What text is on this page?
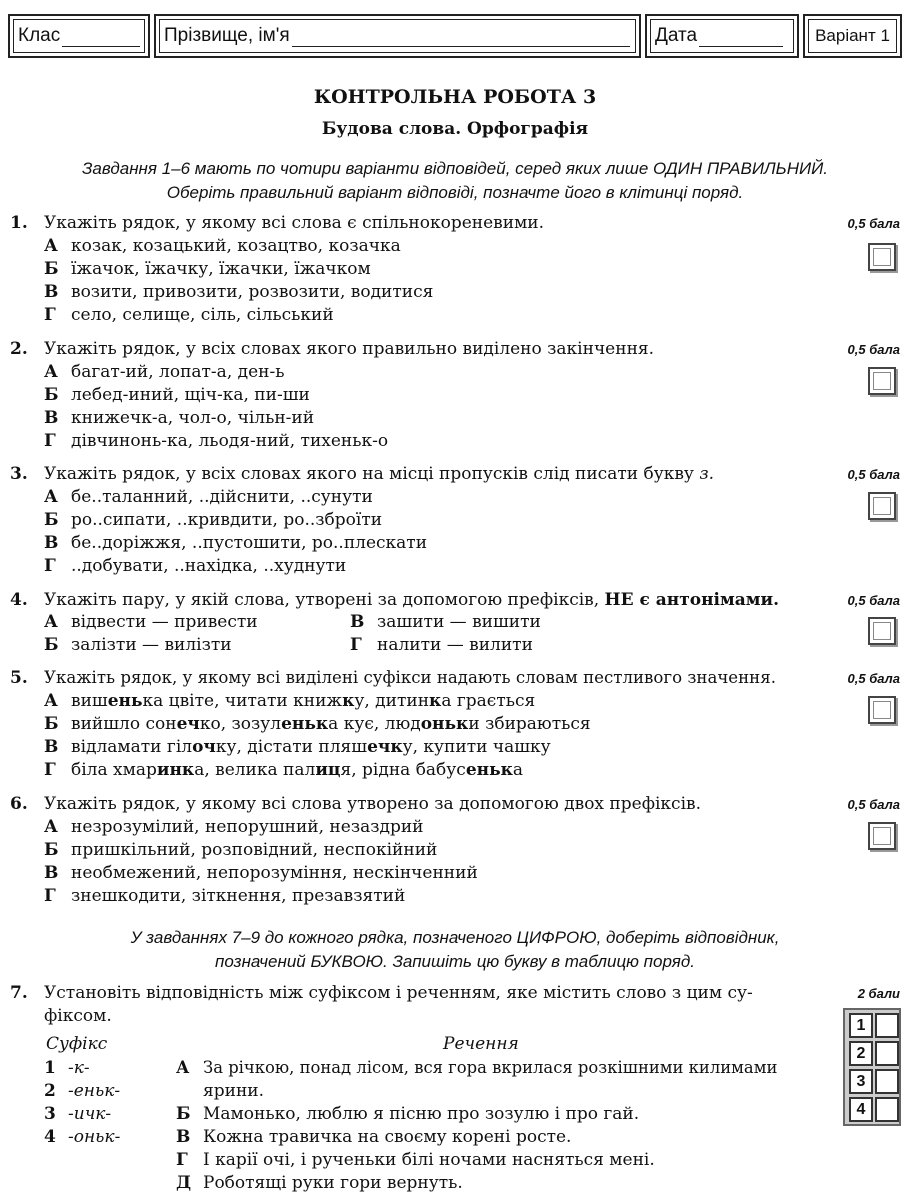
Клас	Прізвище, ім'я	Дата	Варіант 1
КОНТРОЛЬНА РОБОТА 3
Будова слова. Орфографія
Завдання 1–6 мають по чотири варіанти відповідей, серед яких лише ОДИН ПРАВИЛЬНИЙ.
Оберіть правильний варіант відповіді, позначте його в клітинці поряд.
1. Укажіть рядок, у якому всі слова є спільнокореневими.	0,5 бала
А козак, козацький, козацтво, козачка
Б їжачок, їжачку, їжачки, їжачком
В возити, привозити, розвозити, водитися
Г село, селище, сіль, сільський
2. Укажіть рядок, у всіх словах якого правильно виділено закінчення.	0,5 бала
А багат-ий, лопат-а, ден-ь
Б лебед-иний, щіч-ка, пи-ши
В книжечк-а, чол-о, чільн-ий
Г дівчинонь-ка, льодя-ний, тихеньк-о
3. Укажіть рядок, у всіх словах якого на місці пропусків слід писати букву з.	0,5 бала
А бе..таланний, ..дійснити, ..сунути
Б ро..сипати, ..кривдити, ро..зброїти
В бе..доріжжя, ..пустошити, ро..плескати
Г ..добувати, ..нахідка, ..худнути
4. Укажіть пару, у якій слова, утворені за допомогою префіксів, НЕ є антонімами.	0,5 бала
А відвести — привести	В зашити — вишити
Б залізти — вилізти	Г налити — вилити
5. Укажіть рядок, у якому всі виділені суфікси надають словам пестливого значення.	0,5 бала
А вишенька цвіте, читати книжку, дитинка грається
Б вийшло сонечко, зозуленька кує, людоньки збираються
В відламати гілочку, дістати пляшечку, купити чашку
Г біла хмаринка, велика палиця, рідна бабусенька
6. Укажіть рядок, у якому всі слова утворено за допомогою двох префіксів.	0,5 бала
А незрозумілий, непорушний, незаздрий
Б пришкільний, розповідний, неспокійний
В необмежений, непорозуміння, нескінченний
Г знешкодити, зіткнення, презавзятий
У завданнях 7–9 до кожного рядка, позначеного ЦИФРОЮ, доберіть відповідник,
позначений БУКВОЮ. Запишіть цю букву в таблицю поряд.
7. Установіть відповідність між суфіксом і реченням, яке містить слово з цим су-
фіксом.
2 бали
Суфікс	Речення
1 -к-
2 -еньк-
3 -ичк-
4 -оньк-
А За річкою, понад лісом, вся гора вкрилася розкішними килимами
ярини.
Б Мамонько, люблю я пісню про зозулю і про гай.
В Кожна травичка на своєму корені росте.
Г І карії очі, і рученьки білі ночами насняться мені.
Д Роботящі руки гори вернуть.
1
2
3
4
